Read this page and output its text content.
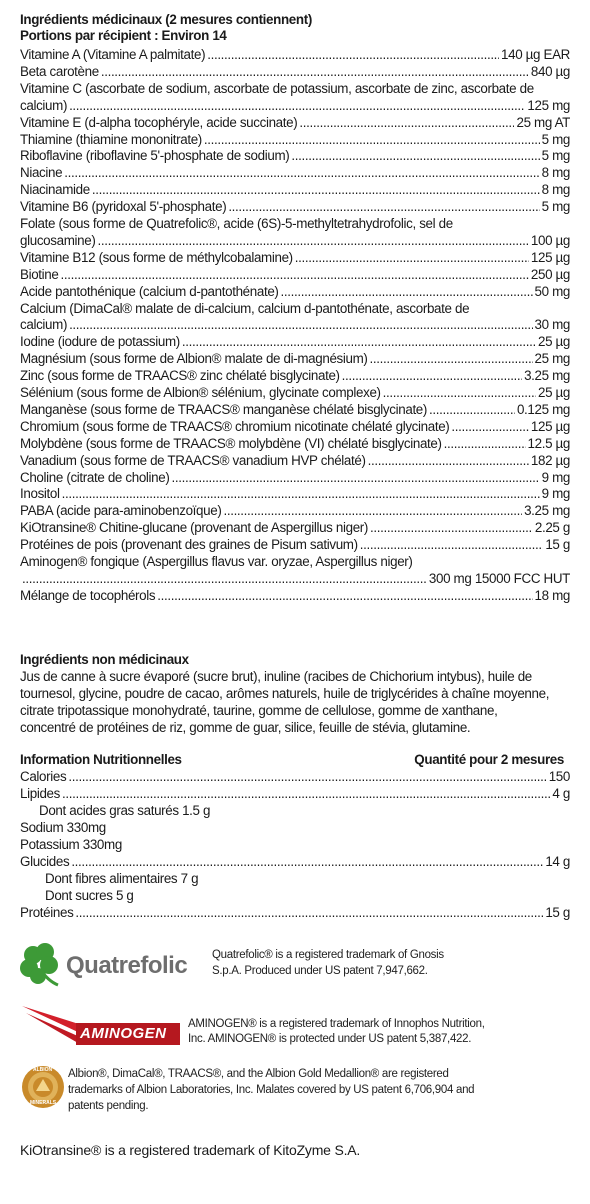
Ingrédients médicinaux (2 mesures contiennent)
Portions par récipient : Environ 14
Vitamine A (Vitamine A palmitate) .....	140 µg EAR
Beta carotène .....	840 µg
Vitamine C (ascorbate de sodium, ascorbate de potassium, ascorbate de zinc, ascorbate de
calcium) .....	125 mg
Vitamine E (d-alpha tocophéryle, acide succinate) .....	25 mg AT
Thiamine (thiamine mononitrate) .....	5 mg
Riboflavine (riboflavine 5'-phosphate de sodium) .....	5 mg
Niacine .....	8 mg
Niacinamide .....	8 mg
Vitamine B6 (pyridoxal 5'-phosphate) .....	5 mg
Folate (sous forme de Quatrefolic®, acide (6S)-5-methyltetrahydrofolic, sel de
glucosamine) .....	100 µg
Vitamine B12 (sous forme de méthylcobalamine) .....	125 µg
Biotine .....	250 µg
Acide pantothénique (calcium d-pantothénate) .....	50 mg
Calcium (DimaCal® malate de di-calcium, calcium d-pantothénate, ascorbate de
calcium) .....	30 mg
Iodine (iodure de potassium) .....	25 µg
Magnésium (sous forme de Albion® malate de di-magnésium) .....	25 mg
Zinc (sous forme de TRAACS® zinc chélaté bisglycinate) .....	3.25 mg
Sélénium (sous forme de Albion® sélénium, glycinate complexe) .....	25 µg
Manganèse (sous forme de TRAACS® manganèse chélaté bisglycinate) .....	0.125 mg
Chromium (sous forme de TRAACS® chromium nicotinate chélaté glycinate) .....	125 µg
Molybdène (sous forme de TRAACS® molybdène (VI) chélaté bisglycinate) .....	12.5 µg
Vanadium (sous forme de TRAACS® vanadium HVP chélaté) .....	182 µg
Choline (citrate de choline) .....	9 mg
Inositol .....	9 mg
PABA (acide para-aminobenzoïque) .....	3.25 mg
KiOtransine® Chitine-glucane (provenant de Aspergillus niger) .....	2.25 g
Protéines de pois (provenant des graines de Pisum sativum) .....	15 g
Aminogen® fongique (Aspergillus flavus var. oryzae, Aspergillus niger)
.....
300 mg 15000 FCC HUT
Mélange de tocophérols .....	18 mg
Ingrédients non médicinaux
Jus de canne à sucre évaporé (sucre brut), inuline (racibes de Chichorium intybus), huile de
tournesol, glycine, poudre de cacao, arômes naturels, huile de triglycérides à chaîne moyenne,
citrate tripotassique monohydraté, taurine, gomme de cellulose, gomme de xanthane,
concentré de protéines de riz, gomme de guar, silice, feuille de stévia, glutamine.
Information Nutritionnelles	Quantité pour 2 mesures
Calories .....	150
Lipides .....	4 g
Dont acides gras saturés 1.5 g
Sodium 330mg
Potassium 330mg
Glucides .....	14 g
Dont fibres alimentaires 7 g
Dont sucres 5 g
Protéines .....	15 g
Quatrefolic Quatrefolic® is a registered trademark of Gnosis
S.p.A. Produced under US patent 7,947,662.
AMINOGEN
AMINOGEN® is a registered trademark of Innophos Nutrition,
Inc. AMINOGEN® is protected under US patent 5,387,422.
ALBION
MINERALS
Albion®, DimaCal®, TRAACS®, and the Albion Gold Medallion® are registered
trademarks of Albion Laboratories, Inc. Malates covered by US patent 6,706,904 and
patents pending.
KiOtransine® is a registered trademark of KitoZyme S.A.
